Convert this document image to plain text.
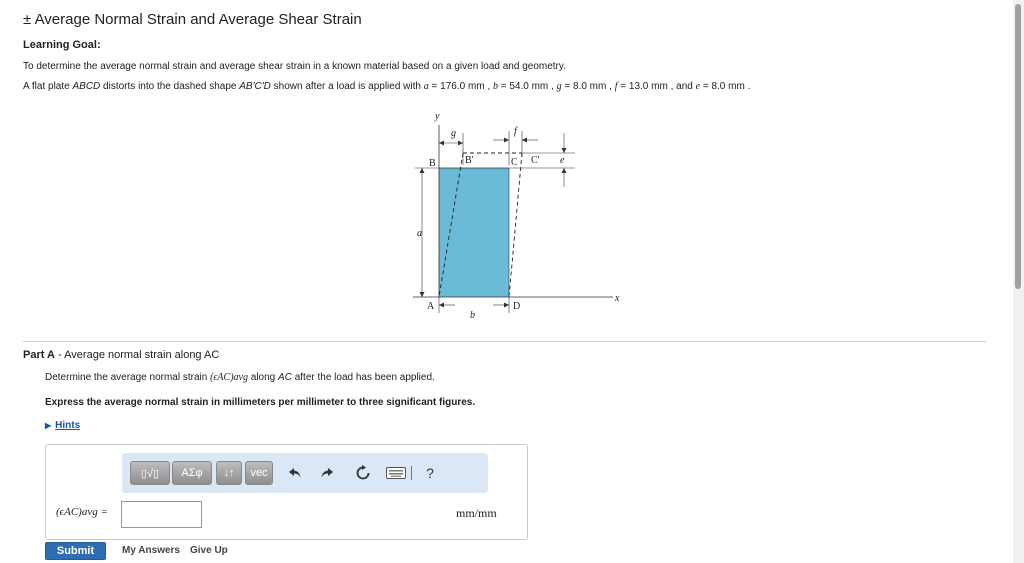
± Average Normal Strain and Average Shear Strain
Learning Goal:
To determine the average normal strain and average shear strain in a known material based on a given load and geometry.
A flat plate ABCD distorts into the dashed shape AB'C'D shown after a load is applied with a = 176.0 mm , b = 54.0 mm , g = 8.0 mm , f = 13.0 mm , and e = 8.0 mm .
y
x
g	f
e
B	B'	C C'
a
A
b
D
Part A - Average normal strain along AC
Determine the average normal strain (ϵAC)avg along AC after the load has been applied.
Express the average normal strain in millimeters per millimeter to three significant figures.
▶ Hints
▯√▯	ΑΣφ	↓↑	vec	?
(ϵAC)avg =	mm/mm
Submit	My Answers Give Up
